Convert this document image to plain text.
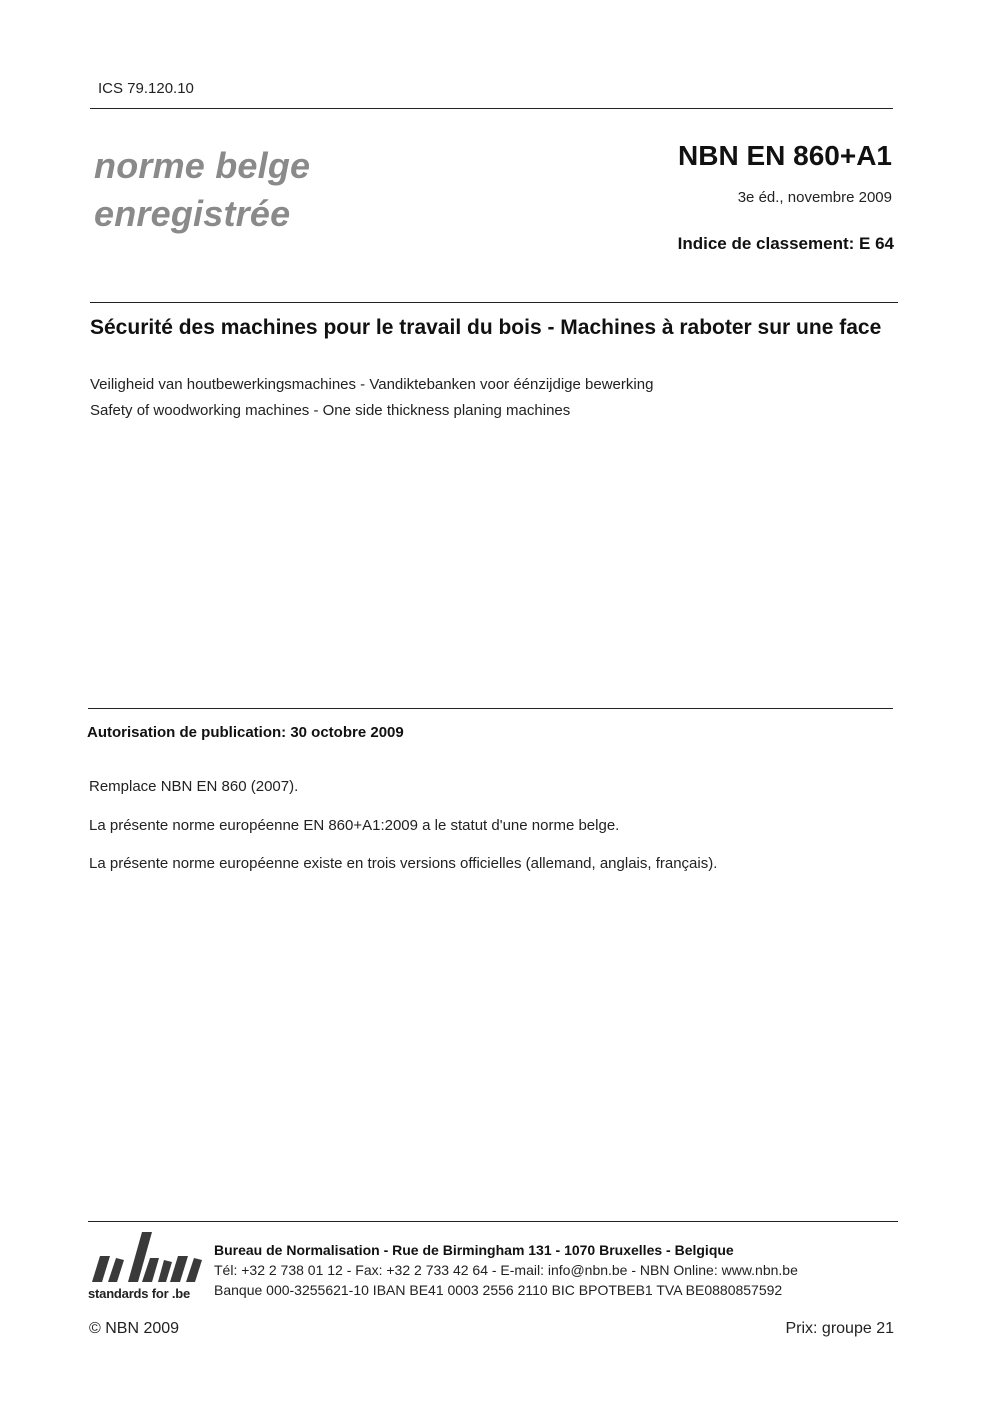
ICS 79.120.10
norme belge
enregistrée
NBN EN 860+A1
3e éd., novembre 2009
Indice de classement: E 64
Sécurité des machines pour le travail du bois - Machines à raboter sur une face
Veiligheid van houtbewerkingsmachines - Vandiktebanken voor éénzijdige bewerking
Safety of woodworking machines - One side thickness planing machines
Autorisation de publication: 30 octobre 2009
Remplace NBN EN 860 (2007).
La présente norme européenne EN 860+A1:2009 a le statut d'une norme belge.
La présente norme européenne existe en trois versions officielles (allemand, anglais, français).
standards for .be
Bureau de Normalisation - Rue de Birmingham 131 - 1070 Bruxelles - Belgique
Tél: +32 2 738 01 12 - Fax: +32 2 733 42 64 - E-mail: info@nbn.be - NBN Online: www.nbn.be
Banque 000-3255621-10 IBAN BE41 0003 2556 2110 BIC BPOTBEB1 TVA BE0880857592
© NBN 2009	Prix: groupe 21
